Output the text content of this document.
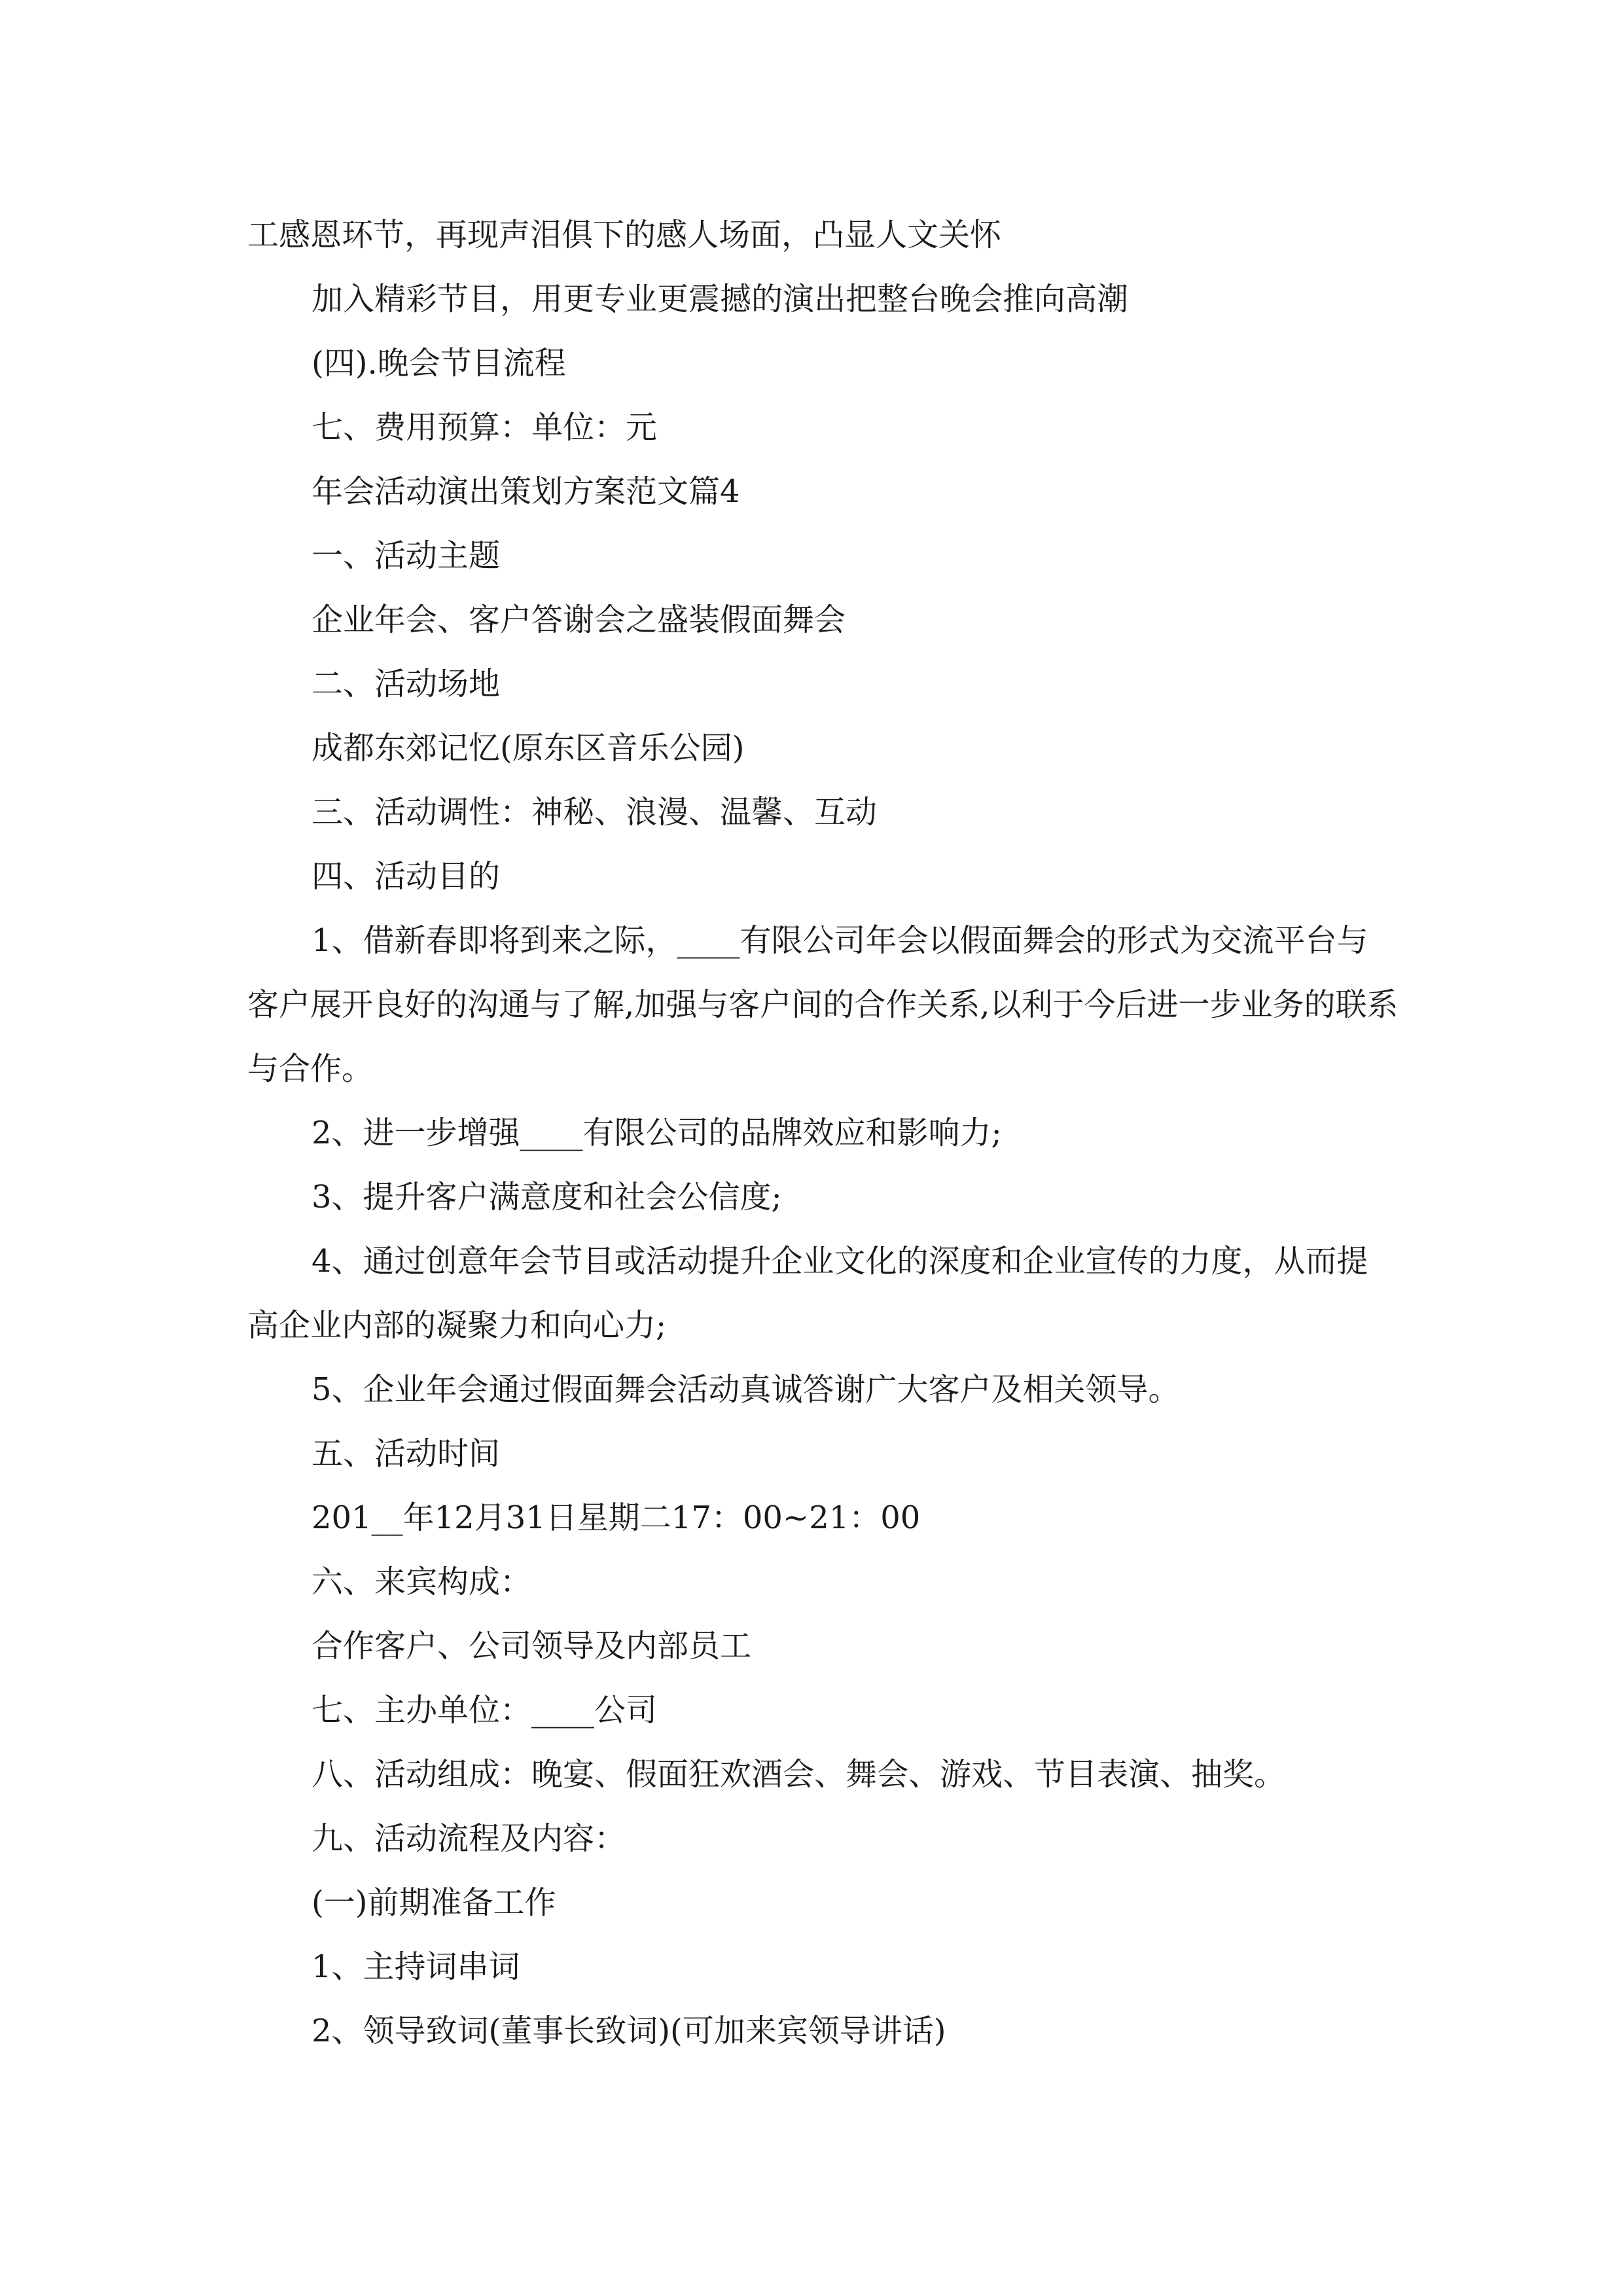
工感恩环节，再现声泪俱下的感人场面，凸显人文关怀

加入精彩节目，用更专业更震撼的演出把整台晚会推向高潮

(四).晚会节目流程

七、费用预算：单位：元

年会活动演出策划方案范文篇4

一、活动主题

企业年会、客户答谢会之盛装假面舞会

二、活动场地

成都东郊记忆(原东区音乐公园)

三、活动调性：神秘、浪漫、温馨、互动

四、活动目的

1、借新春即将到来之际，____有限公司年会以假面舞会的形式为交流平台与客户展开良好的沟通与了解,加强与客户间的合作关系,以利于今后进一步业务的联系与合作。

2、进一步增强____有限公司的品牌效应和影响力;

3、提升客户满意度和社会公信度;

4、通过创意年会节目或活动提升企业文化的深度和企业宣传的力度，从而提高企业内部的凝聚力和向心力;

5、企业年会通过假面舞会活动真诚答谢广大客户及相关领导。

五、活动时间

201__年12月31日星期二17：00~21：00

六、来宾构成：

合作客户、公司领导及内部员工

七、主办单位：____公司

八、活动组成：晚宴、假面狂欢酒会、舞会、游戏、节目表演、抽奖。

九、活动流程及内容：

(一)前期准备工作

1、主持词串词

2、领导致词(董事长致词)(可加来宾领导讲话)
